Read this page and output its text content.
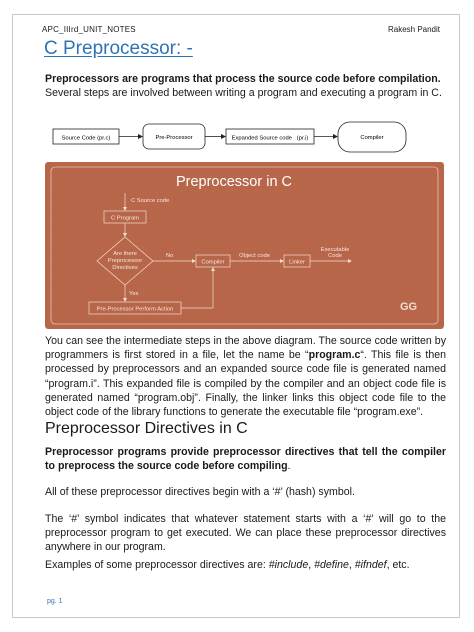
APC_IIIrd_UNIT_NOTES	Rakesh Pandit
C Preprocessor: -
Preprocessors are programs that process the source code before compilation.
Several steps are involved between writing a program and executing a program in C.
Source Code (pr.c)	Pre-Processor	Expanded Source code   (pr.i)	Compiler
Preprocessor in C
C Source code
C Program
Are there
Preprocessor
Directives
No
Compiler
Object code
Linker
Executable
Code
Yes
Pre-Processor Perform Action	GG
You can see the intermediate steps in the above diagram. The source code written by programmers is first stored in a file, let the name be “program.c“. This file is then processed by preprocessors and an expanded source code file is generated named “program.i”. This expanded file is compiled by the compiler and an object code file is generated named “program.obj”. Finally, the linker links this object code file to the object code of the library functions to generate the executable file “program.exe”.
Preprocessor Directives in C
Preprocessor programs provide preprocessor directives that tell the compiler to preprocess the source code before compiling.
All of these preprocessor directives begin with a ‘#’ (hash) symbol.
The ‘#’ symbol indicates that whatever statement starts with a ‘#’ will go to the preprocessor program to get executed. We can place these preprocessor directives anywhere in our program.
Examples of some preprocessor directives are: #include, #define, #ifndef, etc.
pg. 1
